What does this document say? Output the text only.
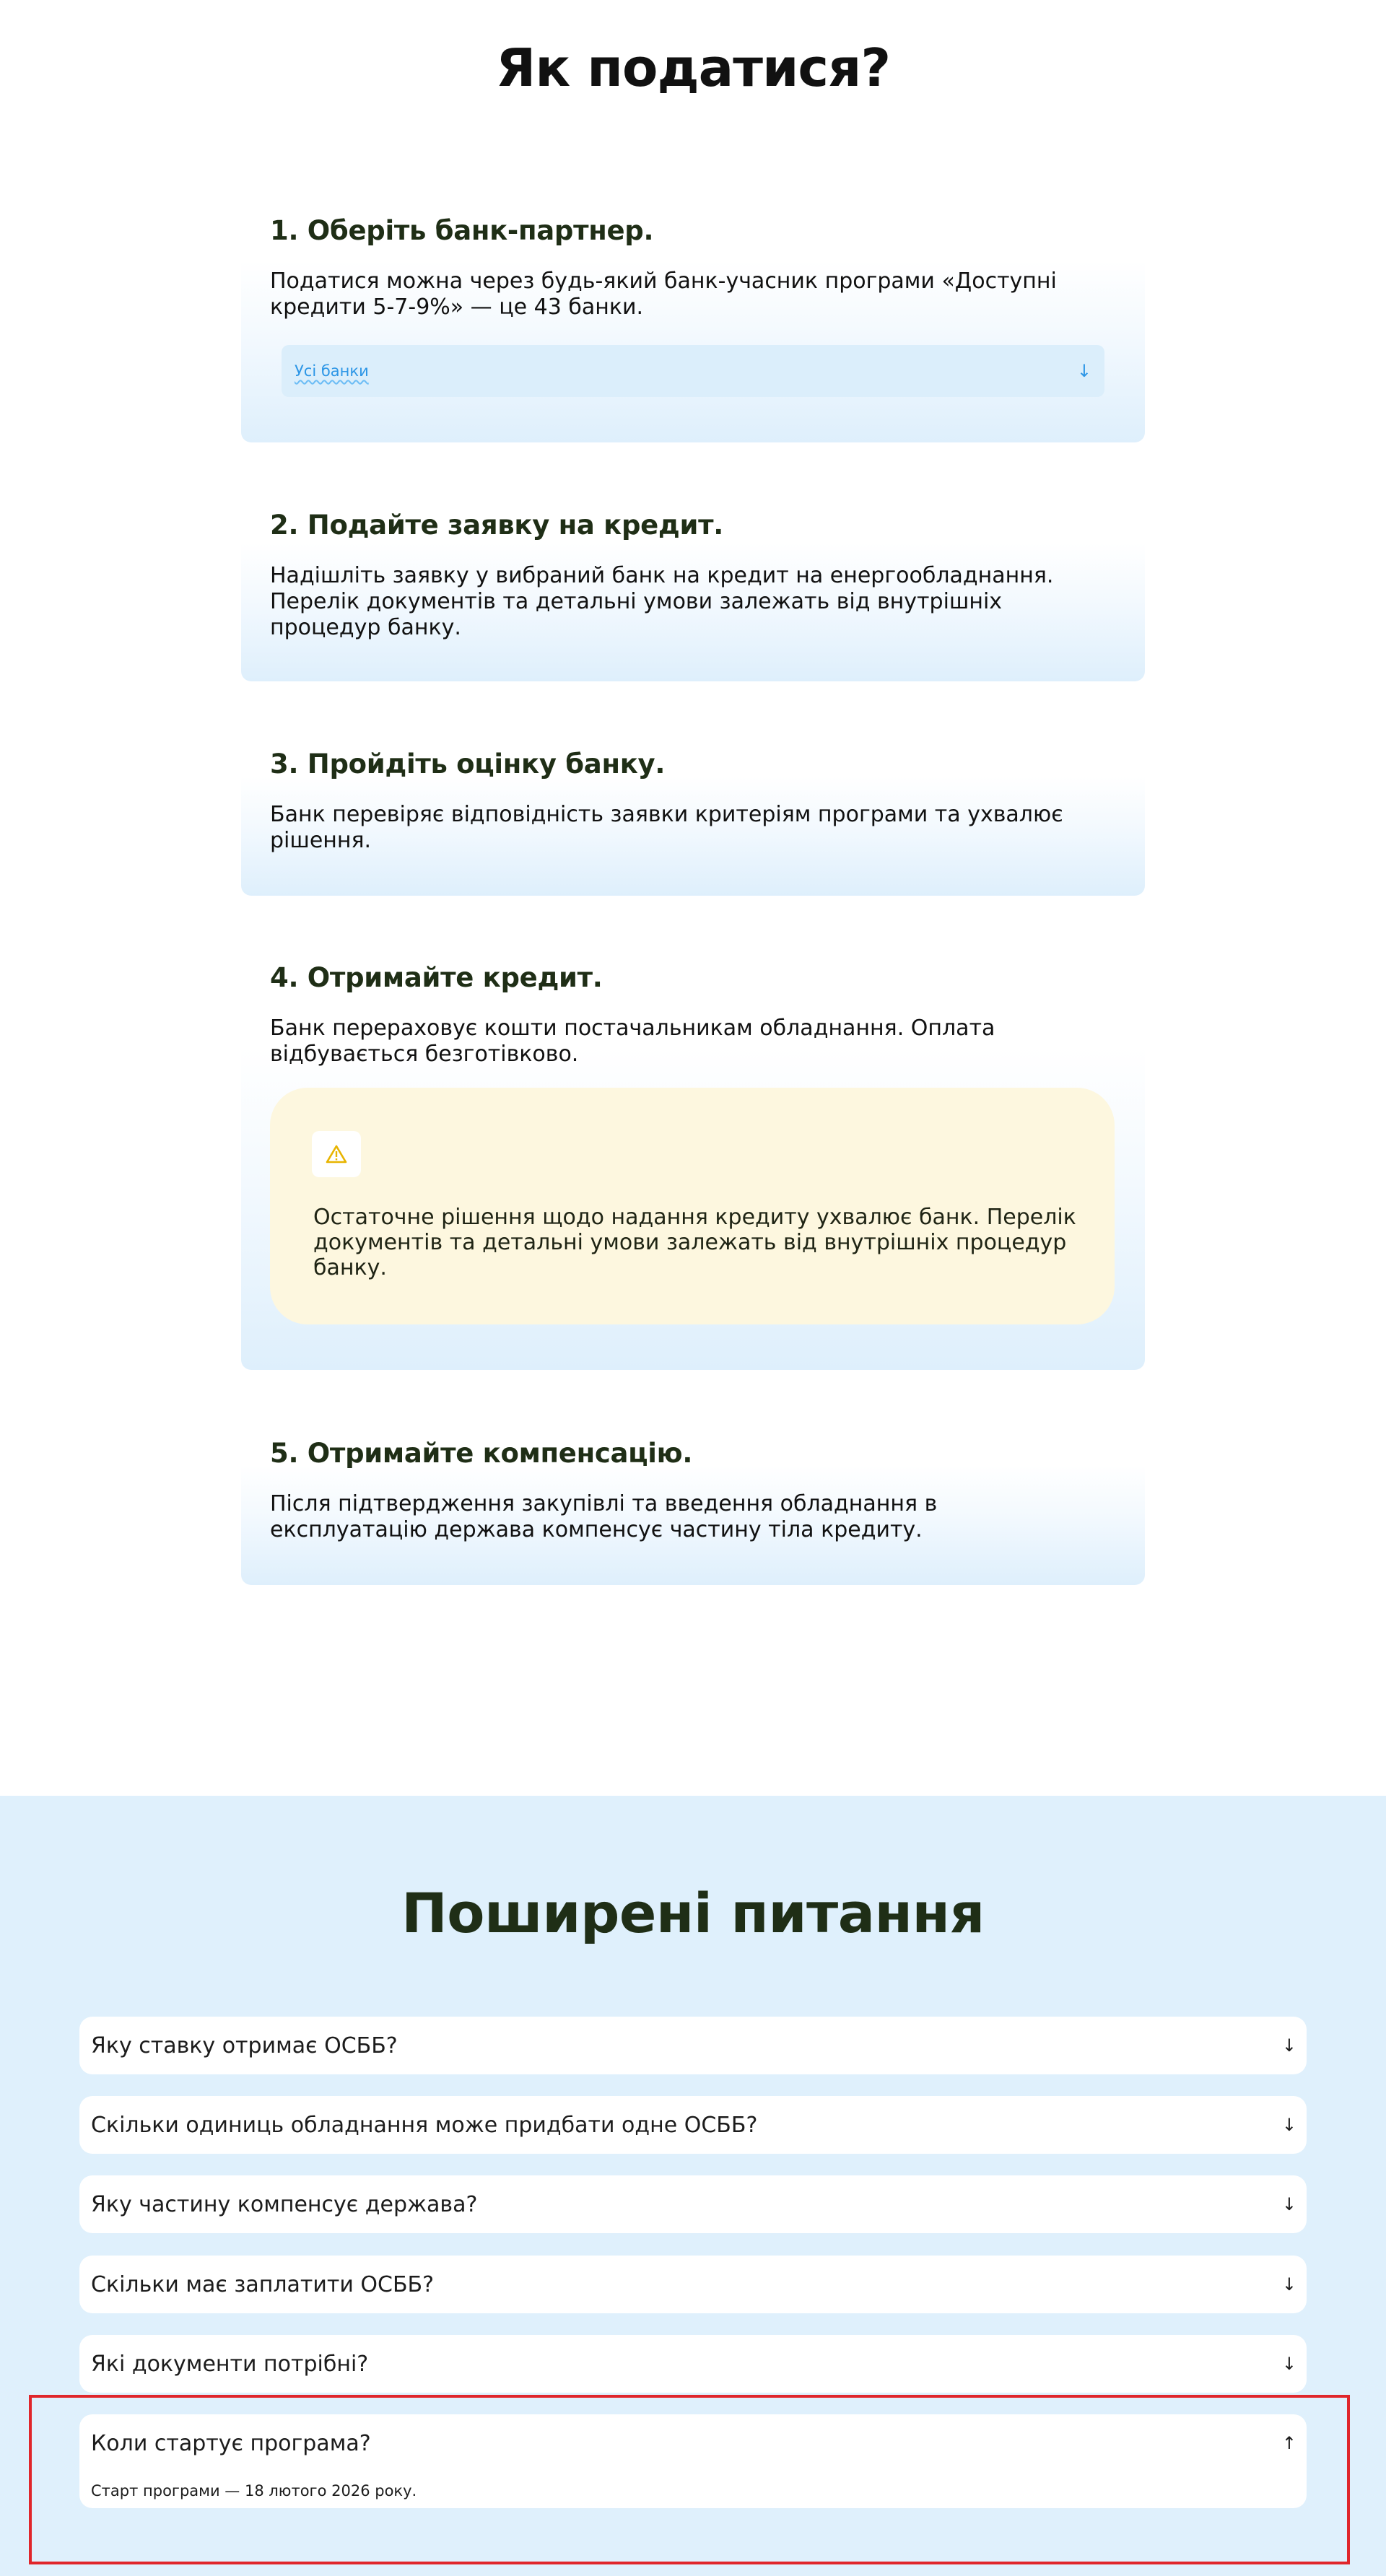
Як податися?
1. Оберіть банк-партнер.

Податися можна через будь-який банк-учасник програми «Доступні кредити 5-7-9%» — це 43 банки.

Усі банки	↓
2. Подайте заявку на кредит.

Надішліть заявку у вибраний банк на кредит на енергообладнання. Перелік документів та детальні умови залежать від внутрішніх процедур банку.

3. Пройдіть оцінку банку.

Банк перевіряє відповідність заявки критеріям програми та ухвалює рішення.

4. Отримайте кредит.

Банк перераховує кошти постачальникам обладнання. Оплата відбувається безготівково.

Остаточне рішення щодо надання кредиту ухвалює банк. Перелік документів та детальні умови залежать від внутрішніх процедур банку.

5. Отримайте компенсацію.

Після підтвердження закупівлі та введення обладнання в експлуатацію держава компенсує частину тіла кредиту.

Поширені питання
Яку ставку отримає ОСББ?	↓
Скільки одиниць обладнання може придбати одне ОСББ?	↓
Яку частину компенсує держава?	↓
Скільки має заплатити ОСББ?	↓
Які документи потрібні?	↓
Коли стартує програма?	↑

Старт програми — 18 лютого 2026 року.
